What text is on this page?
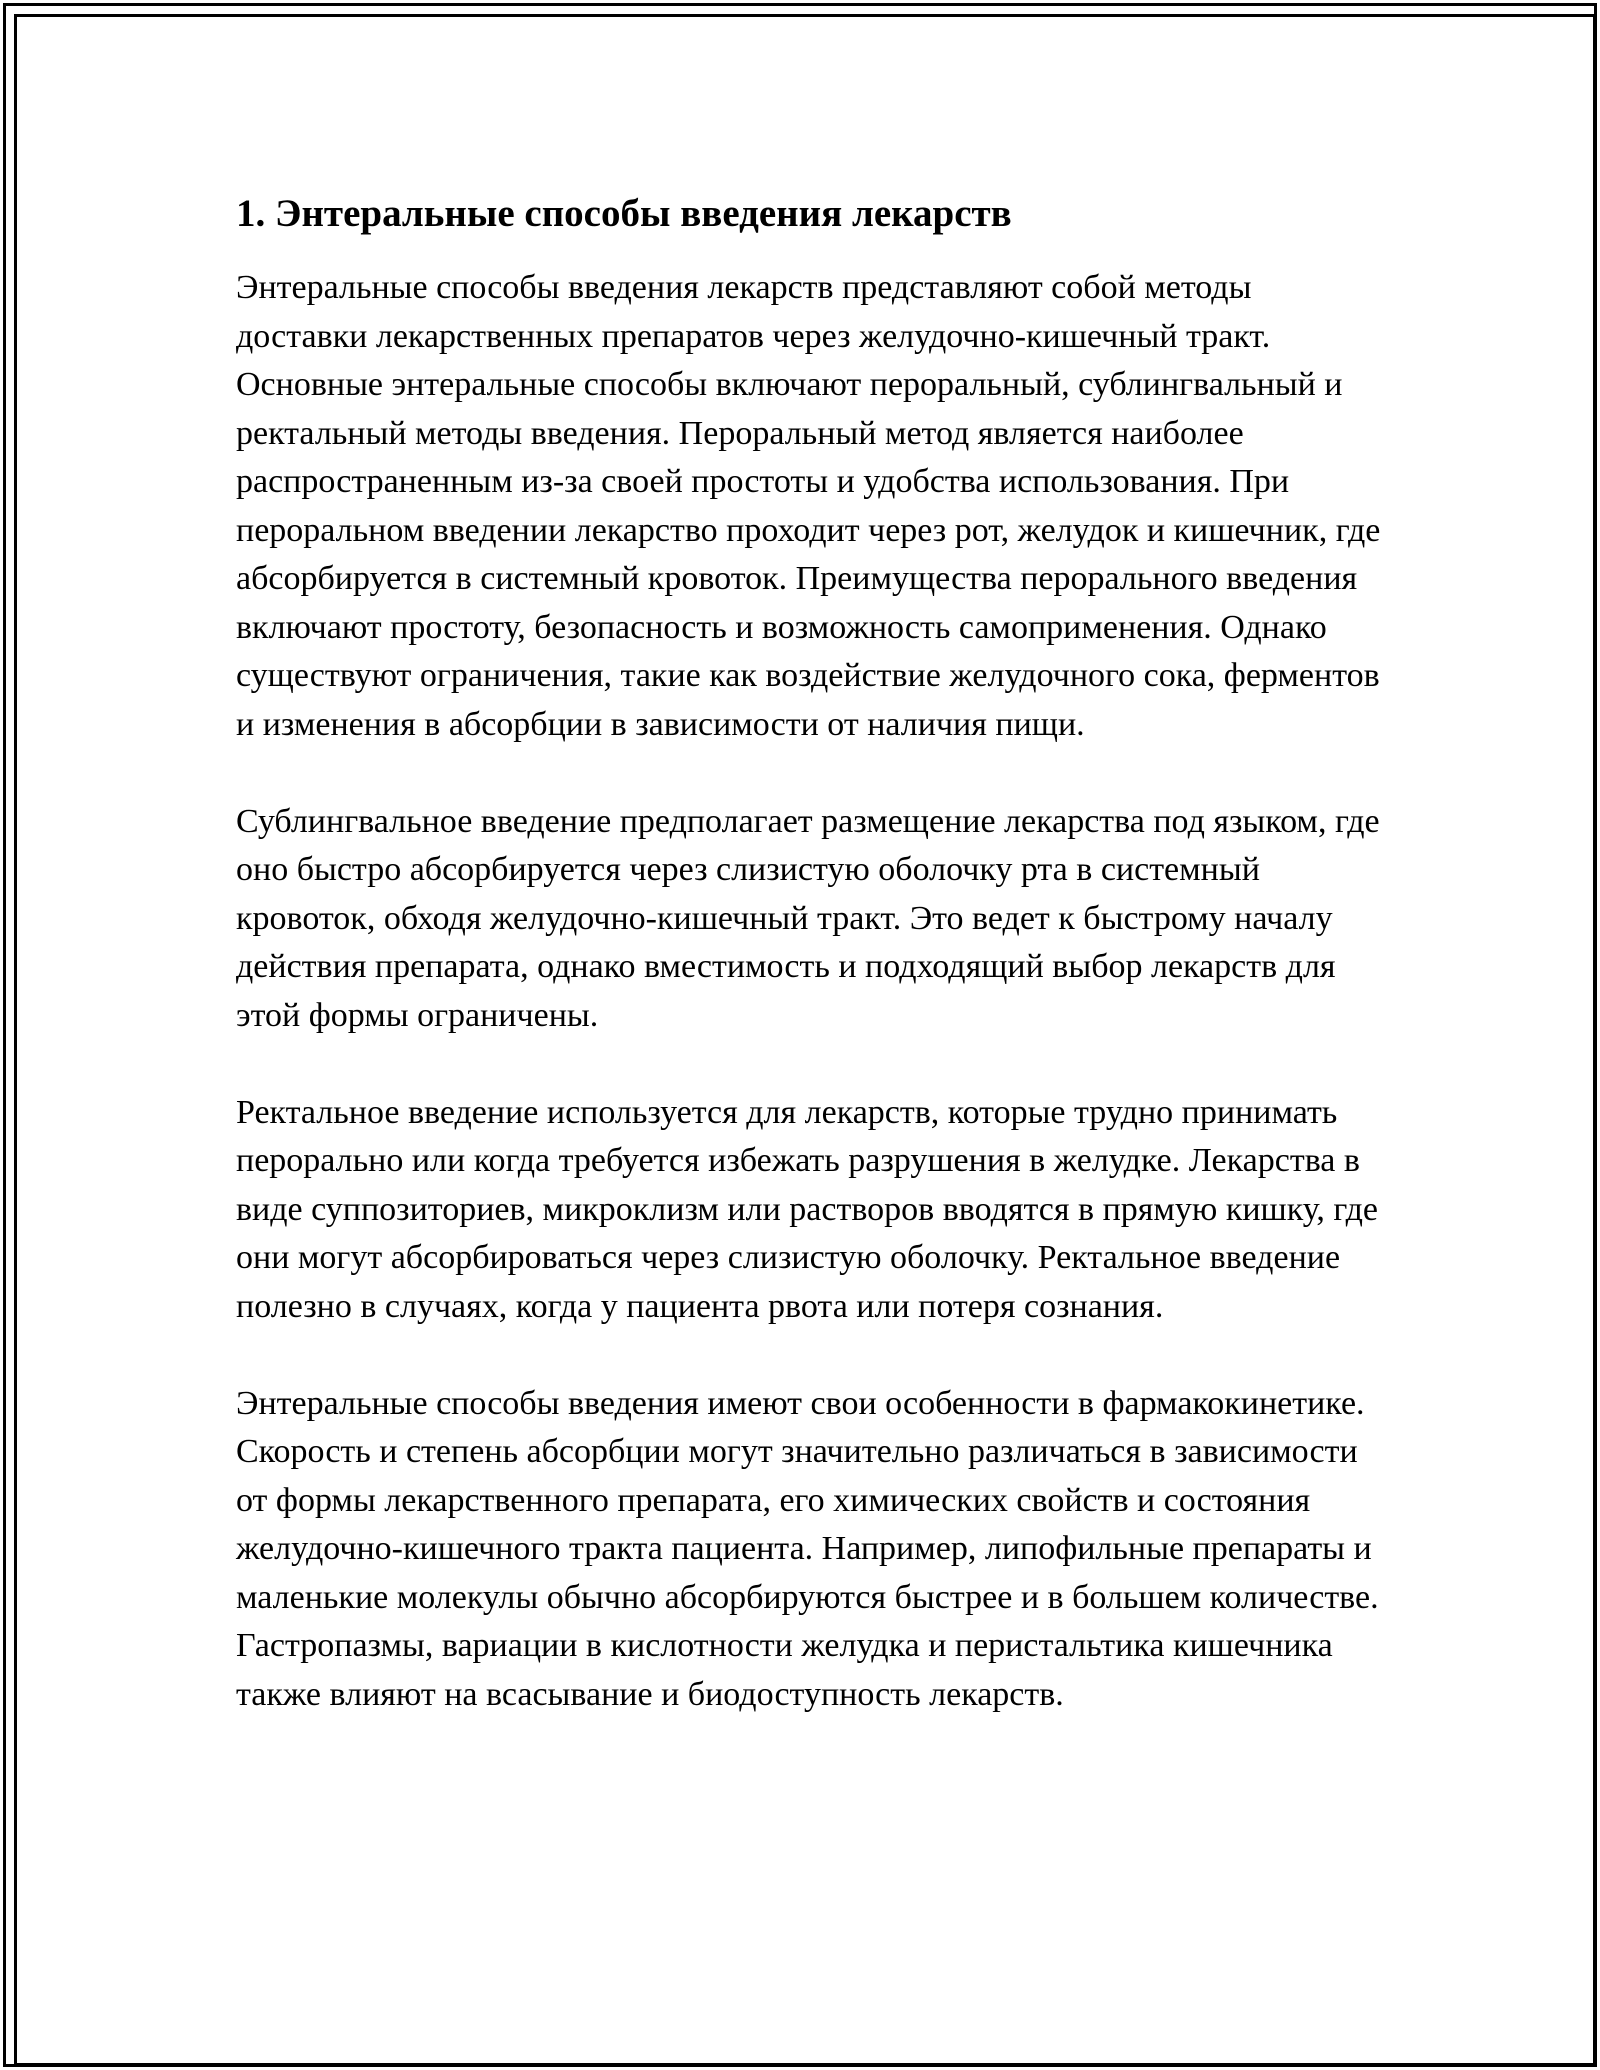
1. Энтеральные способы введения лекарств

Энтеральные способы введения лекарств представляют собой методы доставки лекарственных препаратов через желудочно-кишечный тракт. Основные энтеральные способы включают пероральный, сублингвальный и ректальный методы введения. Пероральный метод является наиболее распространенным из-за своей простоты и удобства использования. При пероральном введении лекарство проходит через рот, желудок и кишечник, где абсорбируется в системный кровоток. Преимущества перорального введения включают простоту, безопасность и возможность самоприменения. Однако существуют ограничения, такие как воздействие желудочного сока, ферментов и изменения в абсорбции в зависимости от наличия пищи.

Сублингвальное введение предполагает размещение лекарства под языком, где оно быстро абсорбируется через слизистую оболочку рта в системный кровоток, обходя желудочно-кишечный тракт. Это ведет к быстрому началу действия препарата, однако вместимость и подходящий выбор лекарств для этой формы ограничены.

Ректальное введение используется для лекарств, которые трудно принимать перорально или когда требуется избежать разрушения в желудке. Лекарства в виде суппозиториев, микроклизм или растворов вводятся в прямую кишку, где они могут абсорбироваться через слизистую оболочку. Ректальное введение полезно в случаях, когда у пациента рвота или потеря сознания.

Энтеральные способы введения имеют свои особенности в фармакокинетике. Скорость и степень абсорбции могут значительно различаться в зависимости от формы лекарственного препарата, его химических свойств и состояния желудочно-кишечного тракта пациента. Например, липофильные препараты и маленькие молекулы обычно абсорбируются быстрее и в большем количестве. Гастропазмы, вариации в кислотности желудка и перистальтика кишечника также влияют на всасывание и биодоступность лекарств.
